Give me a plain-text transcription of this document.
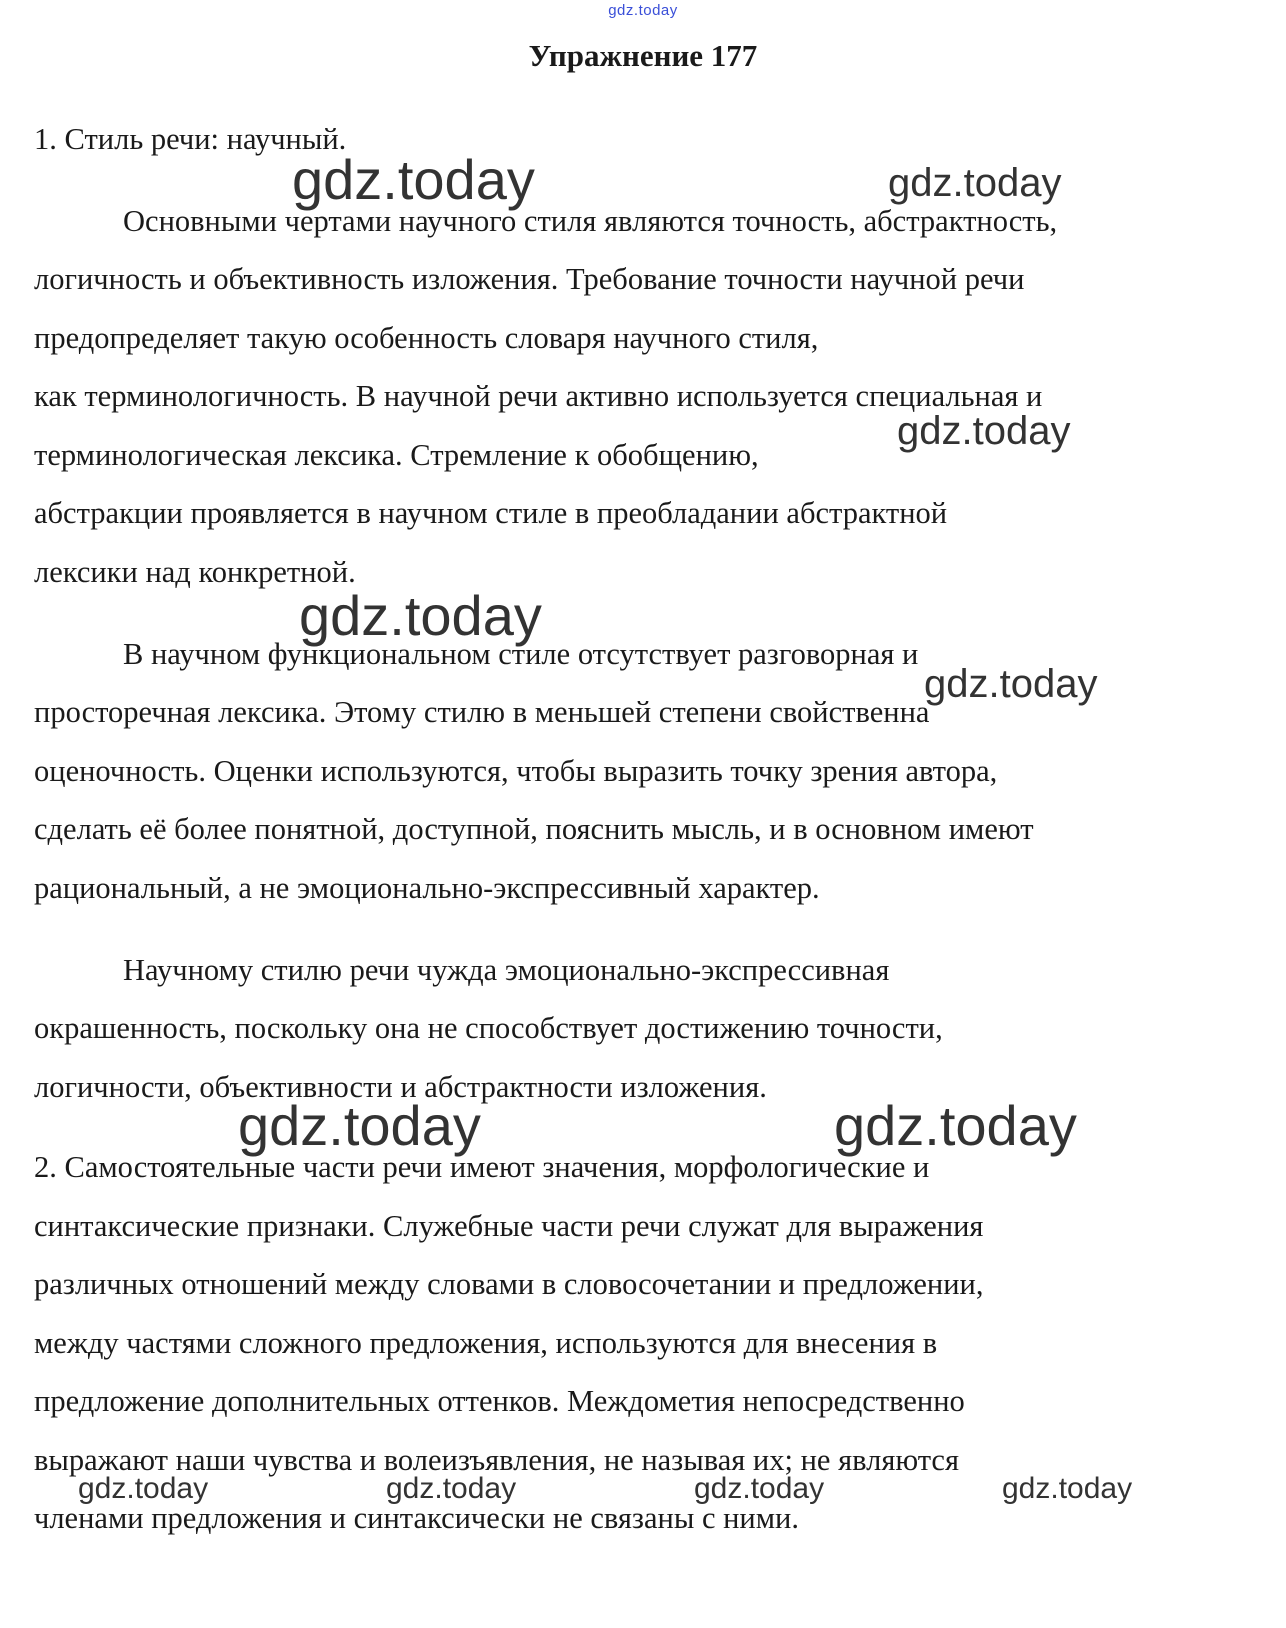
gdz.today
Упражнение 177
1. Стиль речи: научный.
Основными чертами научного стиля являются точность, абстрактность,
логичность и объективность изложения. Требование точности научной речи
предопределяет такую особенность словаря научного стиля,
как терминологичность. В научной речи активно используется специальная и
терминологическая лексика. Стремление к обобщению,
абстракции проявляется в научном стиле в преобладании абстрактной
лексики над конкретной.
В научном функциональном стиле отсутствует разговорная и
просторечная лексика. Этому стилю в меньшей степени свойственна
оценочность. Оценки используются, чтобы выразить точку зрения автора,
сделать её более понятной, доступной, пояснить мысль, и в основном имеют
рациональный, а не эмоционально-экспрессивный характер.
Научному стилю речи чужда эмоционально-экспрессивная
окрашенность, поскольку она не способствует достижению точности,
логичности, объективности и абстрактности изложения.
2. Самостоятельные части речи имеют значения, морфологические и
синтаксические признаки. Служебные части речи служат для выражения
различных отношений между словами в словосочетании и предложении,
между частями сложного предложения, используются для внесения в
предложение дополнительных оттенков. Междометия непосредственно
выражают наши чувства и волеизъявления, не называя их; не являются
членами предложения и синтаксически не связаны с ними.
gdz.today	gdz.today
gdz.today
gdz.today
gdz.today
gdz.today	gdz.today
gdz.today	gdz.today	gdz.today	gdz.today
